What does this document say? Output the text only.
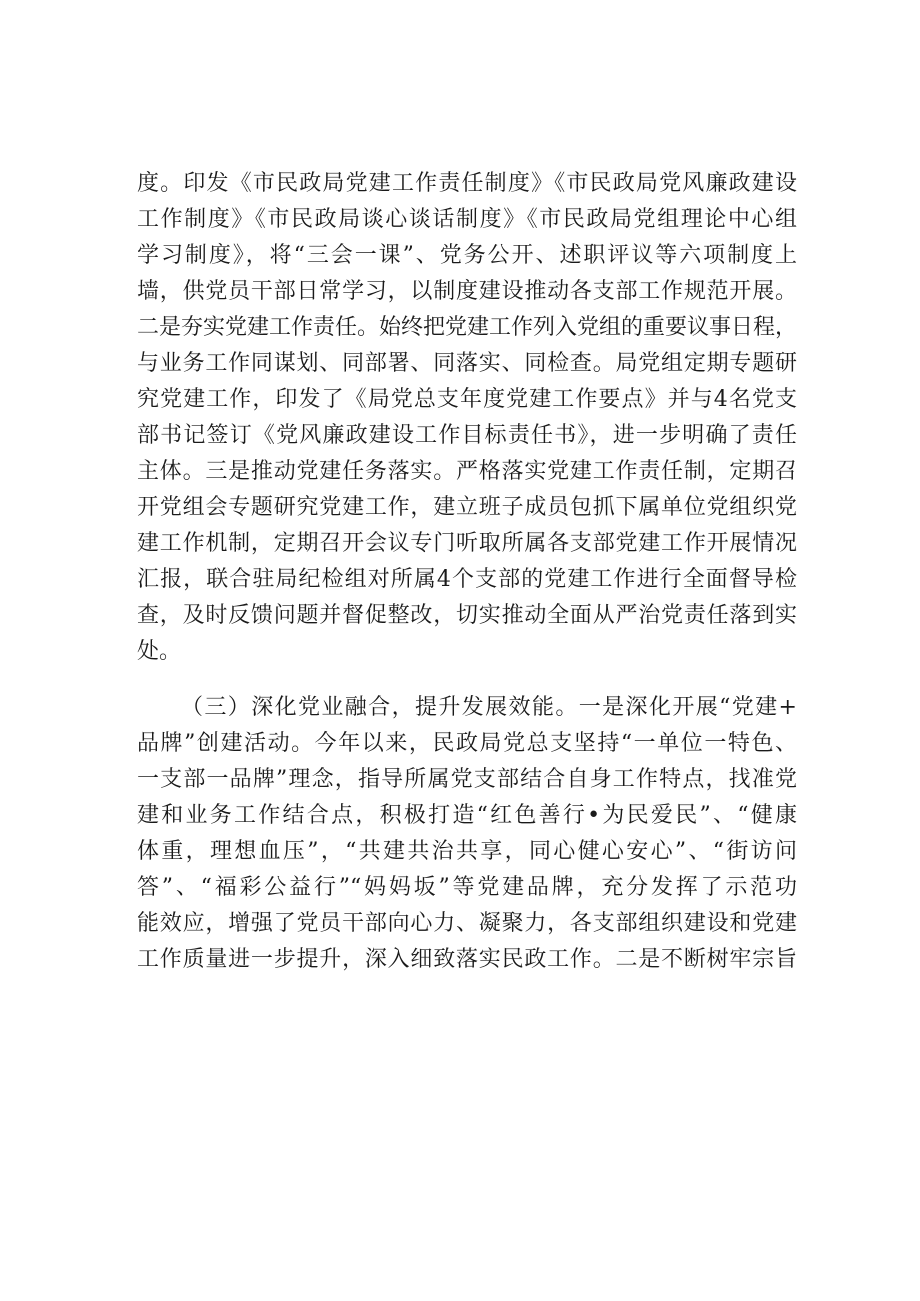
度。印发《市民政局党建工作责任制度》《市民政局党风廉政建设
工作制度》《市民政局谈心谈话制度》《市民政局党组理论中心组
学习制度》，将“三会一课”、党务公开、述职评议等六项制度上
墙，供党员干部日常学习，以制度建设推动各支部工作规范开展。
二是夯实党建工作责任。始终把党建工作列入党组的重要议事日程，
与业务工作同谋划、同部署、同落实、同检查。局党组定期专题研
究党建工作，印发了《局党总支年度党建工作要点》并与4名党支
部书记签订《党风廉政建设工作目标责任书》，进一步明确了责任
主体。三是推动党建任务落实。严格落实党建工作责任制，定期召
开党组会专题研究党建工作，建立班子成员包抓下属单位党组织党
建工作机制，定期召开会议专门听取所属各支部党建工作开展情况
汇报，联合驻局纪检组对所属4个支部的党建工作进行全面督导检
查，及时反馈问题并督促整改，切实推动全面从严治党责任落到实
处。
（三）深化党业融合，提升发展效能。一是深化开展“党建+
品牌”创建活动。今年以来，民政局党总支坚持“一单位一特色、
一支部一品牌”理念，指导所属党支部结合自身工作特点，找准党
建和业务工作结合点，积极打造“红色善行•为民爱民”、“健康
体重，理想血压”，“共建共治共享，同心健心安心”、“街访问
答”、“福彩公益行”“妈妈坂”等党建品牌，充分发挥了示范功
能效应，增强了党员干部向心力、凝聚力，各支部组织建设和党建
工作质量进一步提升，深入细致落实民政工作。二是不断树牢宗旨
